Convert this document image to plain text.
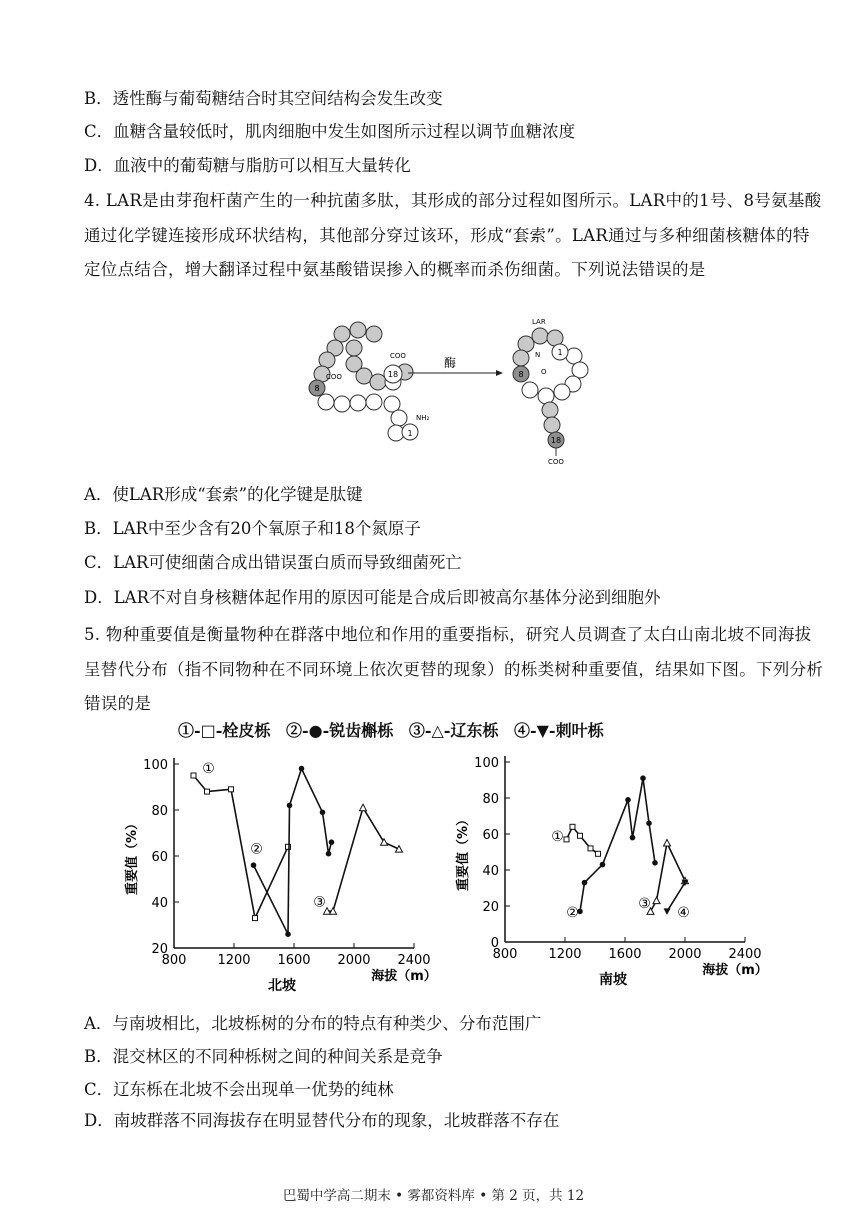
B．透性酶与葡萄糖结合时其空间结构会发生改变
C．血糖含量较低时，肌肉细胞中发生如图所示过程以调节血糖浓度
D．血液中的葡萄糖与脂肪可以相互大量转化
4. LAR是由芽孢杆菌产生的一种抗菌多肽，其形成的部分过程如图所示。LAR中的1号、8号氨基酸通过化学键连接形成环状结构，其他部分穿过该环，形成“套索”。LAR通过与多种细菌核糖体的特定位点结合，增大翻译过程中氨基酸错误掺入的概率而杀伤细菌。下列说法错误的是
18
8
1
COO
COO
NH₂
酶
LAR
1
8
18
N
O
COO
A．使LAR形成“套索”的化学键是肽键
B．LAR中至少含有20个氧原子和18个氮原子
C．LAR可使细菌合成出错误蛋白质而导致细菌死亡
D．LAR不对自身核糖体起作用的原因可能是合成后即被高尔基体分泌到细胞外
5. 物种重要值是衡量物种在群落中地位和作用的重要指标，研究人员调查了太白山南北坡不同海拔呈替代分布（指不同物种在不同环境上依次更替的现象）的栎类树种重要值，结果如下图。下列分析错误的是
①-□-栓皮栎 ②-●-锐齿槲栎 ③-△-辽东栎 ④-▼-刺叶栎
800 1200 1600 2000 2400
20
40
60
80
100
重要值（%）
海拔（m）
北坡
①
②
③
800 1200 1600 2000 2400
0
20
40
60
80
100
重要值（%）
海拔（m）
南坡
①
②
③
④
A．与南坡相比，北坡栎树的分布的特点有种类少、分布范围广
B．混交林区的不同种栎树之间的种间关系是竞争
C．辽东栎在北坡不会出现单一优势的纯林
D．南坡群落不同海拔存在明显替代分布的现象，北坡群落不存在
巴蜀中学高二期末 • 雾都资料库 • 第 2 页，共 12
